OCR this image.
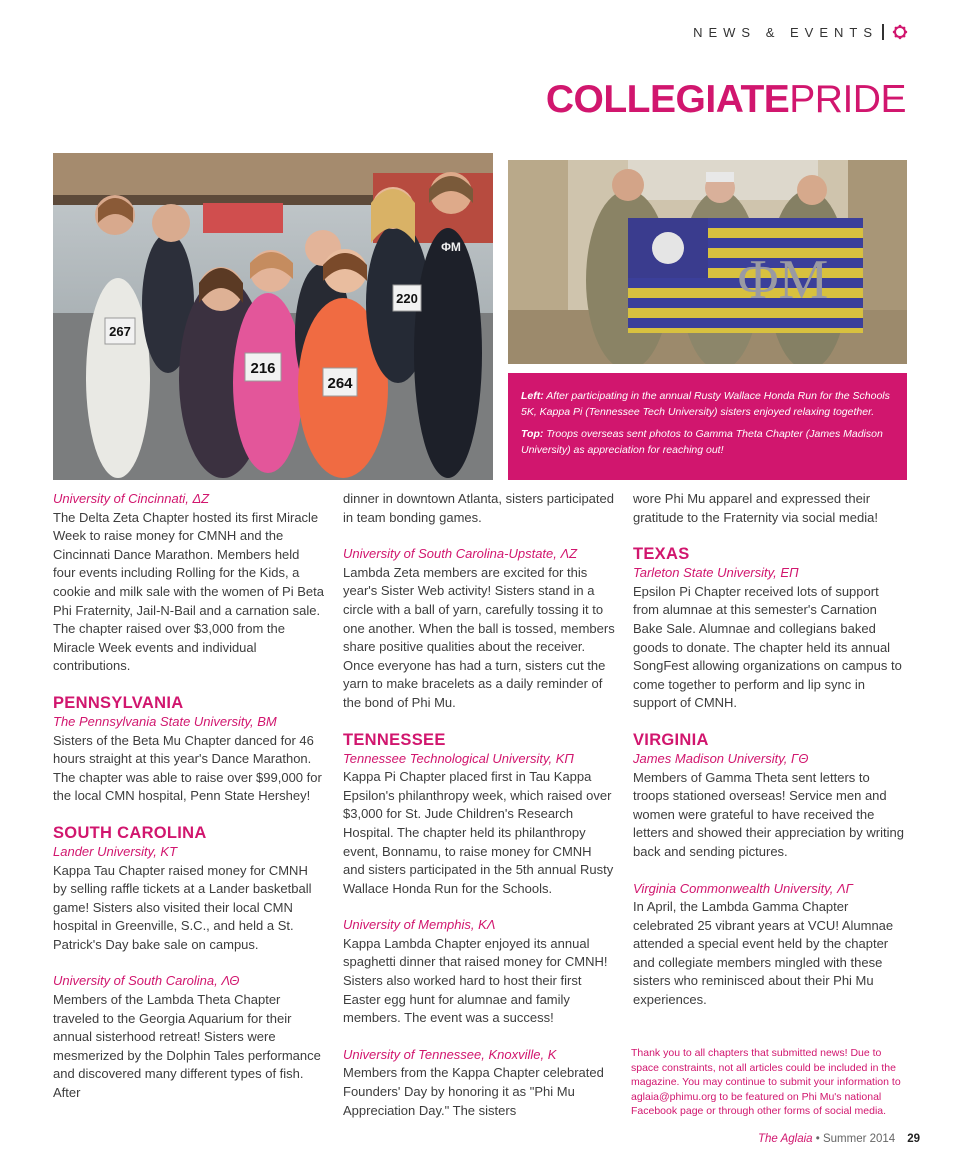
NEWS & EVENTS
COLLEGIATEPRIDE
267
216
264
220
ΦM
ΦM

Left: After participating in the annual Rusty Wallace Honda Run for the Schools 5K, Kappa Pi (Tennessee Tech University) sisters enjoyed relaxing together.

Top: Troops overseas sent photos to Gamma Theta Chapter (James Madison University) as appreciation for reaching out!

University of Cincinnati, ΔZ
The Delta Zeta Chapter hosted its first Miracle Week to raise money for CMNH and the Cincinnati Dance Marathon. Members held four events including Rolling for the Kids, a cookie and milk sale with the women of Pi Beta Phi Fraternity, Jail-N-Bail and a carnation sale. The chapter raised over $3,000 from the Miracle Week events and individual contributions.
PENNSYLVANIA
The Pennsylvania State University, BM
Sisters of the Beta Mu Chapter danced for 46 hours straight at this year's Dance Marathon. The chapter was able to raise over $99,000 for the local CMN hospital, Penn State Hershey!
SOUTH CAROLINA
Lander University, KT
Kappa Tau Chapter raised money for CMNH by selling raffle tickets at a Lander basketball game! Sisters also visited their local CMN hospital in Greenville, S.C., and held a St. Patrick's Day bake sale on campus.
University of South Carolina, ΛΘ
Members of the Lambda Theta Chapter traveled to the Georgia Aquarium for their annual sisterhood retreat! Sisters were mesmerized by the Dolphin Tales performance and discovered many different types of fish. After
dinner in downtown Atlanta, sisters participated in team bonding games.
University of South Carolina-Upstate, ΛZ
Lambda Zeta members are excited for this year's Sister Web activity! Sisters stand in a circle with a ball of yarn, carefully tossing it to one another. When the ball is tossed, members share positive qualities about the receiver. Once everyone has had a turn, sisters cut the yarn to make bracelets as a daily reminder of the bond of Phi Mu.
TENNESSEE
Tennessee Technological University, KΠ
Kappa Pi Chapter placed first in Tau Kappa Epsilon's philanthropy week, which raised over $3,000 for St. Jude Children's Research Hospital. The chapter held its philanthropy event, Bonnamu, to raise money for CMNH and sisters participated in the 5th annual Rusty Wallace Honda Run for the Schools.
University of Memphis, KΛ
Kappa Lambda Chapter enjoyed its annual spaghetti dinner that raised money for CMNH! Sisters also worked hard to host their first Easter egg hunt for alumnae and family members. The event was a success!
University of Tennessee, Knoxville, K
Members from the Kappa Chapter celebrated Founders' Day by honoring it as "Phi Mu Appreciation Day." The sisters
wore Phi Mu apparel and expressed their gratitude to the Fraternity via social media!
TEXAS
Tarleton State University, EΠ
Epsilon Pi Chapter received lots of support from alumnae at this semester's Carnation Bake Sale. Alumnae and collegians baked goods to donate. The chapter held its annual SongFest allowing organizations on campus to come together to perform and lip sync in support of CMNH.
VIRGINIA
James Madison University, ΓΘ
Members of Gamma Theta sent letters to troops stationed overseas! Service men and women were grateful to have received the letters and showed their appreciation by writing back and sending pictures.
Virginia Commonwealth University, ΛΓ
In April, the Lambda Gamma Chapter celebrated 25 vibrant years at VCU! Alumnae attended a special event held by the chapter and collegiate members mingled with these sisters who reminisced about their Phi Mu experiences.
Thank you to all chapters that submitted news! Due to space constraints, not all articles could be included in the magazine. You may continue to submit your information to aglaia@phimu.org to be featured on Phi Mu's national Facebook page or through other forms of social media.
The Aglaia • Summer 2014 29
